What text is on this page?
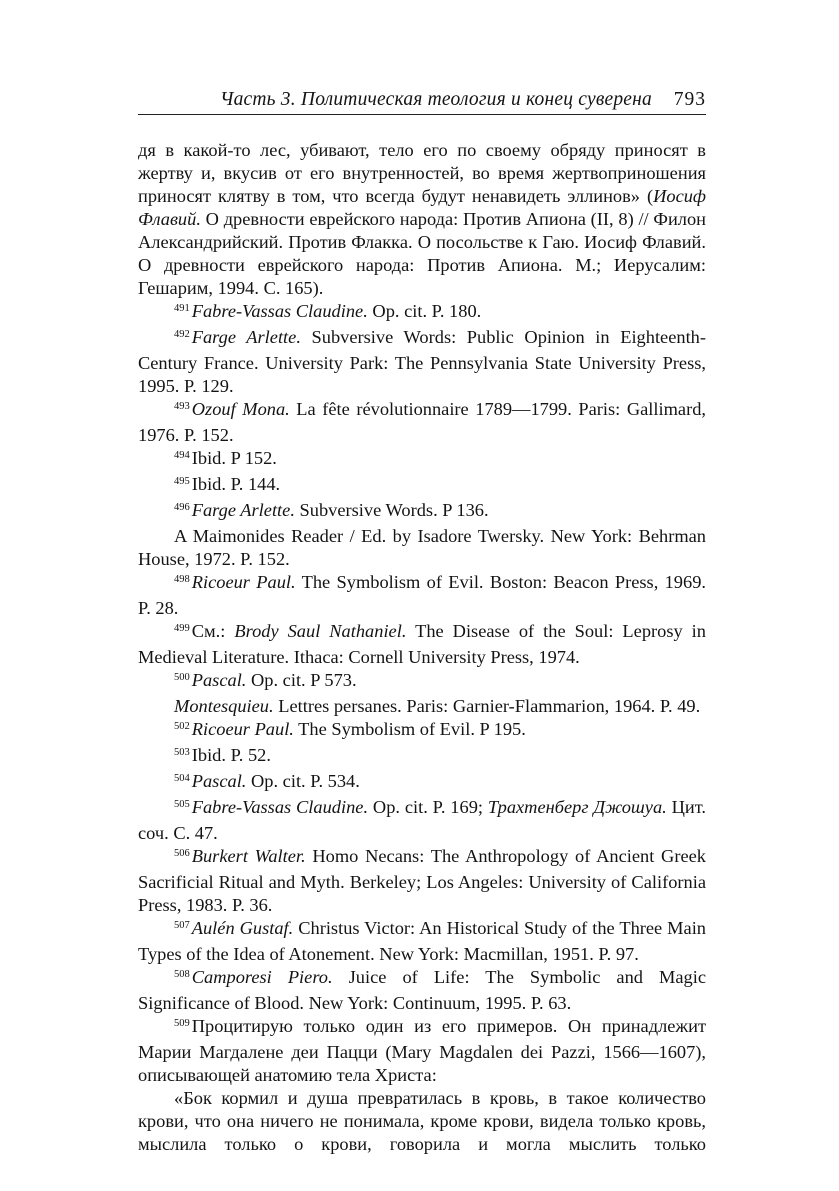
Часть 3. Политическая теология и конец суверена 793

дя в какой-то лес, убивают, тело его по своему обряду приносят в жертву и, вкусив от его внутренностей, во время жертвоприношения приносят клятву в том, что всегда будут ненавидеть эллинов» (Иосиф Флавий. О древности еврейского народа: Против Апиона (II, 8) // Филон Александрийский. Против Флакка. О посольстве к Гаю. Иосиф Флавий. О древности еврейского народа: Против Апиона. М.; Иерусалим: Гешарим, 1994. С. 165).

$^{491}$ Fabre-Vassas Claudine. Op. cit. P. 180.

$^{492}$ Farge Arlette. Subversive Words: Public Opinion in Eighteenth-Century France. University Park: The Pennsylvania State University Press, 1995. P. 129.

$^{493}$ Ozouf Mona. La fête révolutionnaire 1789—1799. Paris: Gallimard, 1976. P. 152.

$^{494}$ Ibid. P 152.

$^{495}$ Ibid. P. 144.

$^{496}$ Farge Arlette. Subversive Words. P 136.

A Maimonides Reader / Ed. by Isadore Twersky. New York: Behrman House, 1972. P. 152.

$^{498}$ Ricoeur Paul. The Symbolism of Evil. Boston: Beacon Press, 1969. P. 28.

$^{499}$ См.: Brody Saul Nathaniel. The Disease of the Soul: Leprosy in Medieval Literature. Ithaca: Cornell University Press, 1974.

$^{500}$ Pascal. Op. cit. P 573.

Montesquieu. Lettres persanes. Paris: Garnier-Flammarion, 1964. P. 49.

$^{502}$ Ricoeur Paul. The Symbolism of Evil. P 195.

$^{503}$ Ibid. P. 52.

$^{504}$ Pascal. Op. cit. P. 534.

$^{505}$ Fabre-Vassas Claudine. Op. cit. P. 169; Трахтенберг Джошуа. Цит. соч. С. 47.

$^{506}$ Burkert Walter. Homo Necans: The Anthropology of Ancient Greek Sacrificial Ritual and Myth. Berkeley; Los Angeles: University of California Press, 1983. P. 36.

$^{507}$ Aulén Gustaf. Christus Victor: An Historical Study of the Three Main Types of the Idea of Atonement. New York: Macmillan, 1951. P. 97.

$^{508}$ Camporesi Piero. Juice of Life: The Symbolic and Magic Significance of Blood. New York: Continuum, 1995. P. 63.

$^{509}$ Процитирую только один из его примеров. Он принадлежит Марии Магдалене деи Пацци (Mary Magdalen dei Pazzi, 1566—1607), описывающей анатомию тела Христа:

«Бок кормил и душа превратилась в кровь, в такое количество крови, что она ничего не понимала, кроме крови, видела только кровь, мыслила только о крови, говорила и могла мыслить только
